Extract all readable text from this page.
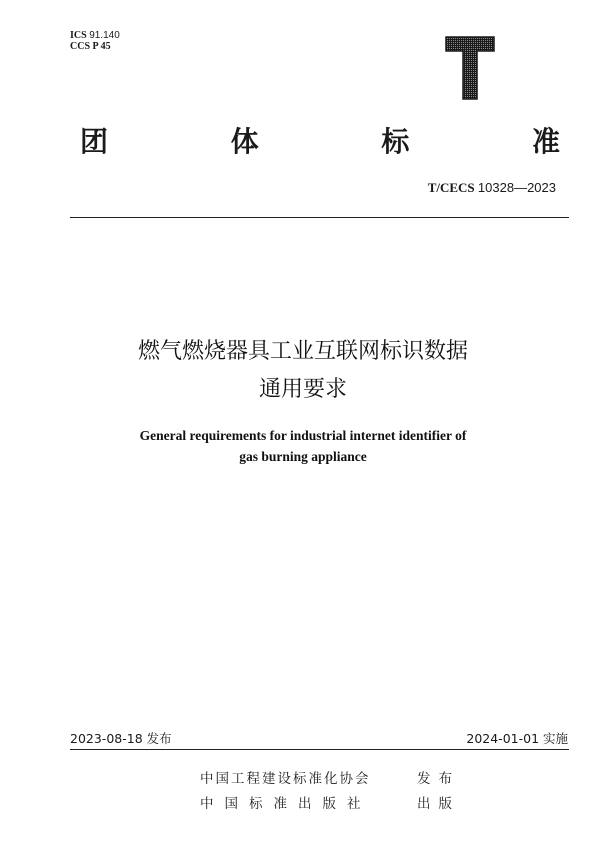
ICS 91.140
CCS P 45
团	体	标	准
T/CECS 10328—2023
燃气燃烧器具工业互联网标识数据
通用要求
General requirements for industrial internet identifier of
gas burning appliance
2023-08-18 发布	2024-01-01 实施
中国工程建设标准化协会	发布
中国标准出版社	出版
